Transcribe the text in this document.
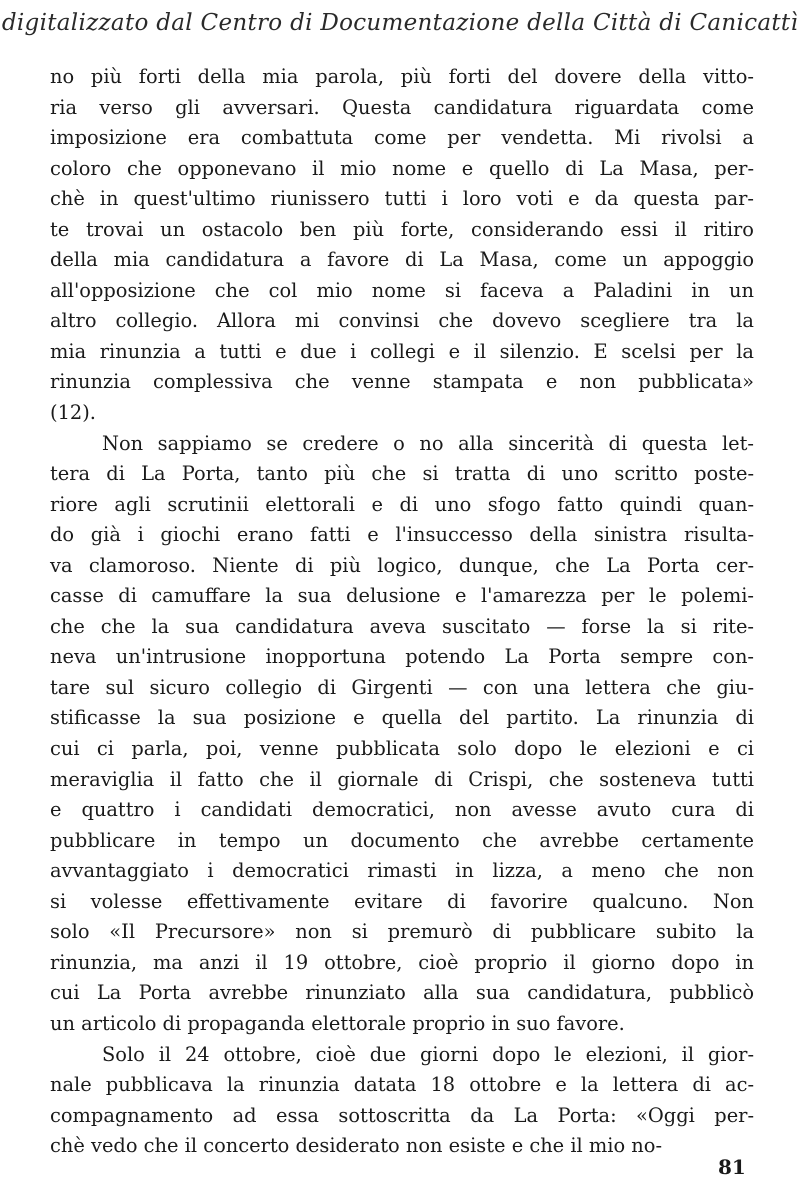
digitalizzato dal Centro di Documentazione della Città di Canicattì
no più forti della mia parola, più forti del dovere della vitto-
ria verso gli avversari. Questa candidatura riguardata come
imposizione era combattuta come per vendetta. Mi rivolsi a
coloro che opponevano il mio nome e quello di La Masa, per-
chè in quest'ultimo riunissero tutti i loro voti e da questa par-
te trovai un ostacolo ben più forte, considerando essi il ritiro
della mia candidatura a favore di La Masa, come un appoggio
all'opposizione che col mio nome si faceva a Paladini in un
altro collegio. Allora mi convinsi che dovevo scegliere tra la
mia rinunzia a tutti e due i collegi e il silenzio. E scelsi per la
rinunzia complessiva che venne stampata e non pubblicata»
(12).
Non sappiamo se credere o no alla sincerità di questa let-
tera di La Porta, tanto più che si tratta di uno scritto poste-
riore agli scrutinii elettorali e di uno sfogo fatto quindi quan-
do già i giochi erano fatti e l'insuccesso della sinistra risulta-
va clamoroso. Niente di più logico, dunque, che La Porta cer-
casse di camuffare la sua delusione e l'amarezza per le polemi-
che che la sua candidatura aveva suscitato — forse la si rite-
neva un'intrusione inopportuna potendo La Porta sempre con-
tare sul sicuro collegio di Girgenti — con una lettera che giu-
stificasse la sua posizione e quella del partito. La rinunzia di
cui ci parla, poi, venne pubblicata solo dopo le elezioni e ci
meraviglia il fatto che il giornale di Crispi, che sosteneva tutti
e quattro i candidati democratici, non avesse avuto cura di
pubblicare in tempo un documento che avrebbe certamente
avvantaggiato i democratici rimasti in lizza, a meno che non
si volesse effettivamente evitare di favorire qualcuno. Non
solo «Il Precursore» non si premurò di pubblicare subito la
rinunzia, ma anzi il 19 ottobre, cioè proprio il giorno dopo in
cui La Porta avrebbe rinunziato alla sua candidatura, pubblicò
un articolo di propaganda elettorale proprio in suo favore.
Solo il 24 ottobre, cioè due giorni dopo le elezioni, il gior-
nale pubblicava la rinunzia datata 18 ottobre e la lettera di ac-
compagnamento ad essa sottoscritta da La Porta: «Oggi per-
chè vedo che il concerto desiderato non esiste e che il mio no-
81
